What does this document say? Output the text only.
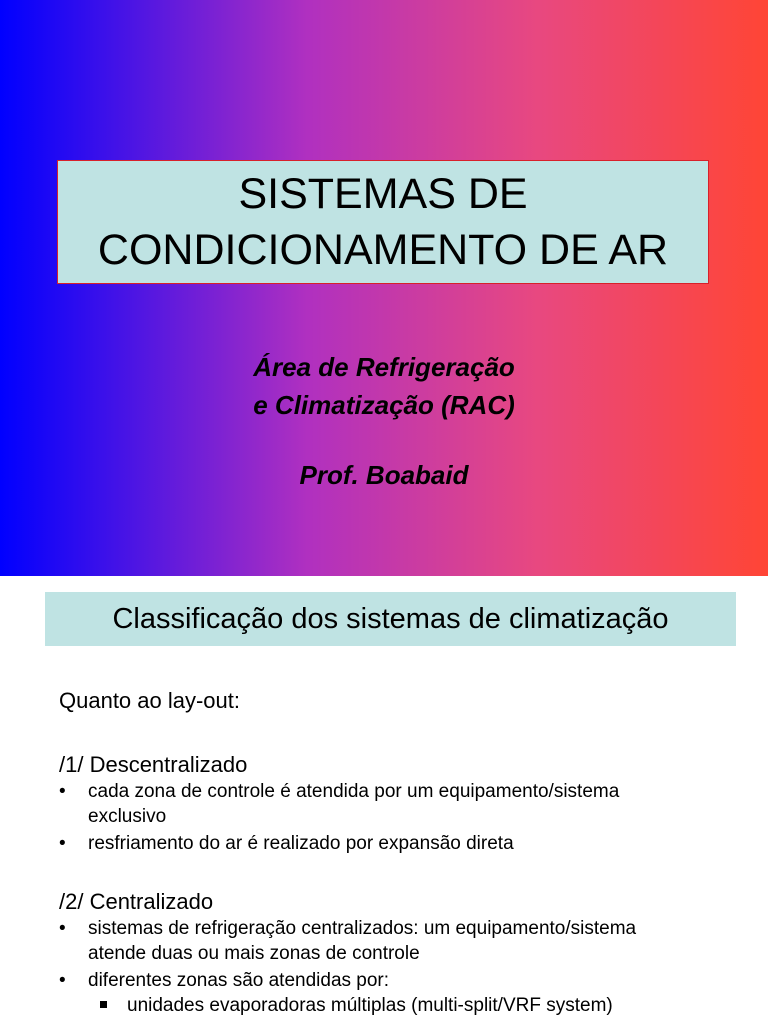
SISTEMAS DE
CONDICIONAMENTO DE AR
Área de Refrigeração
e Climatização (RAC)
Prof. Boabaid
Classificação dos sistemas de climatização
Quanto ao lay-out:
/1/ Descentralizado
• cada zona de controle é atendida por um equipamento/sistema
exclusivo
• resfriamento do ar é realizado por expansão direta
/2/ Centralizado
• sistemas de refrigeração centralizados: um equipamento/sistema
atende duas ou mais zonas de controle
• diferentes zonas são atendidas por:
unidades evaporadoras múltiplas (multi-split/VRF system)
